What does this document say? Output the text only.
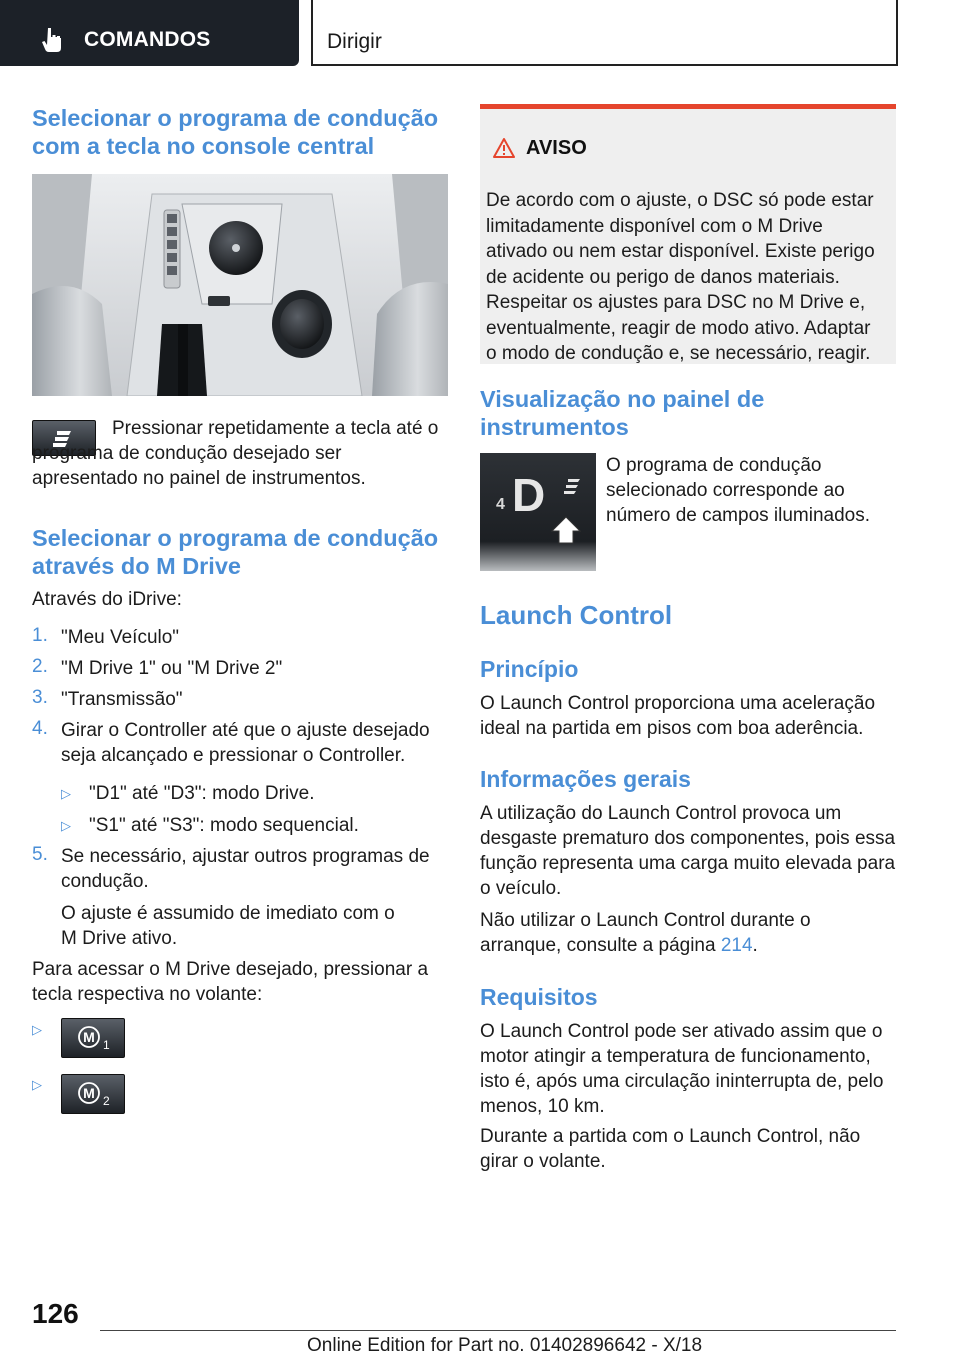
COMANDOS	Dirigir
Selecionar o programa de condução com a tecla no console central

Pressionar repetidamente a tecla até o programa de condução desejado ser apresentado no painel de instrumentos.

Selecionar o programa de condução através do M Drive

Através do iDrive:

1. "Meu Veículo"

2. "M Drive 1" ou "M Drive 2"

3. "Transmissão"

4. Girar o Controller até que o ajuste desejado seja alcançado e pressionar o Controller.

▷ "D1" até "D3": modo Drive.

▷ "S1" até "S3": modo sequencial.

5. Se necessário, ajustar outros programas de condução.

O ajuste é assumido de imediato com o M Drive ativo.

Para acessar o M Drive desejado, pressionar a tecla respectiva no volante:

▷	M 1
▷
M 2
AVISO

De acordo com o ajuste, o DSC só pode estar limitadamente disponível com o M Drive ativado ou nem estar disponível. Existe perigo de acidente ou perigo de danos materiais. Respeitar os ajustes para DSC no M Drive e, eventualmente, reagir de modo ativo. Adaptar o modo de condução e, se necessário, reagir.

Visualização no painel de instrumentos
4 D

O programa de condução selecionado corresponde ao número de campos iluminados.

Launch Control
Princípio

O Launch Control proporciona uma aceleração ideal na partida em pisos com boa aderência.

Informações gerais

A utilização do Launch Control provoca um desgaste prematuro dos componentes, pois essa função representa uma carga muito elevada para o veículo.

Não utilizar o Launch Control durante o arranque, consulte a página 214.

Requisitos

O Launch Control pode ser ativado assim que o motor atingir a temperatura de funcionamento, isto é, após uma circulação ininterrupta de, pelo menos, 10 km.

Durante a partida com o Launch Control, não girar o volante.

126
Online Edition for Part no. 01402896642 - X/18
